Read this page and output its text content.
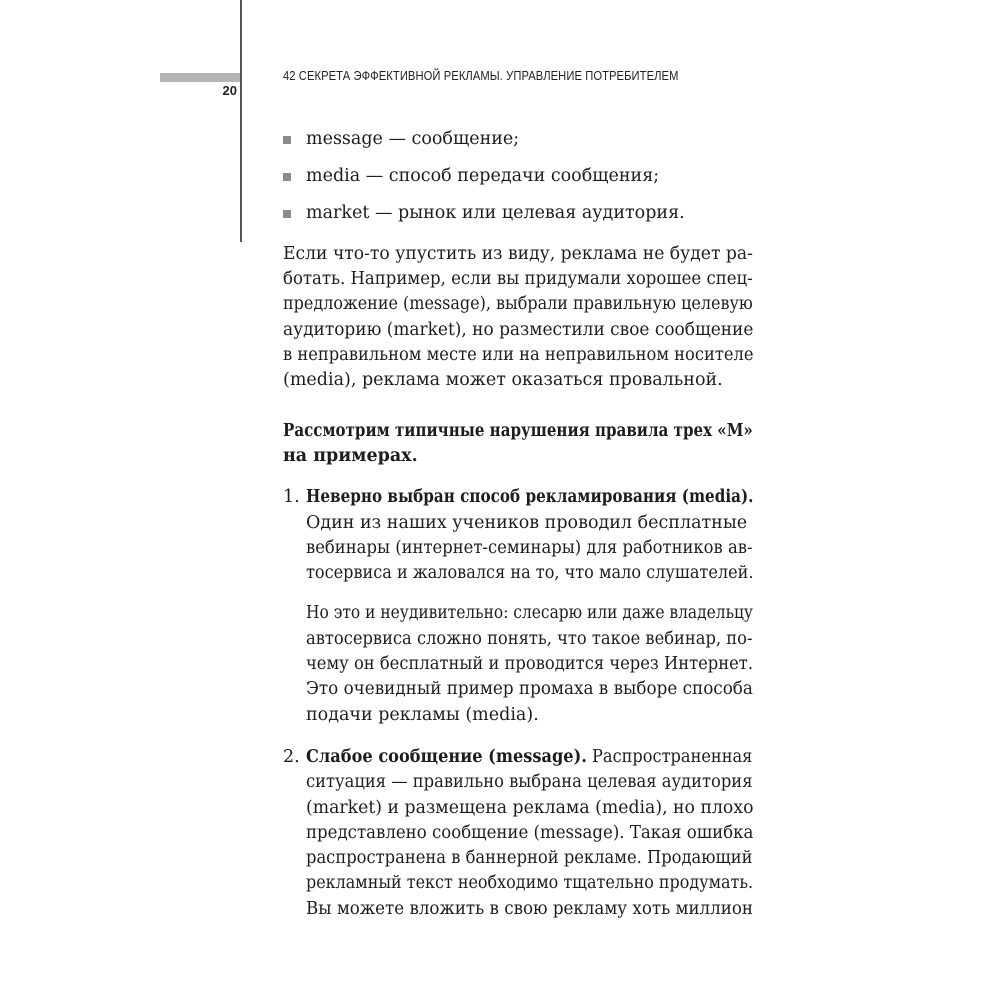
20
42 СЕКРЕТА ЭФФЕКТИВНОЙ РЕКЛАМЫ. УПРАВЛЕНИЕ ПОТРЕБИТЕЛЕМ
message — сообщение;
media — способ передачи сообщения;
market — рынок или целевая аудитория.
Если что-то упустить из виду, реклама не будет ра-
ботать. Например, если вы придумали хорошее спец-
предложение (message), выбрали правильную целевую
аудиторию (market), но разместили свое сообщение
в неправильном месте или на неправильном носителе
(media), реклама может оказаться провальной.
Рассмотрим типичные нарушения правила трех «М»
на примерах.
1. Неверно выбран способ рекламирования (media).
Один из наших учеников проводил бесплатные
вебинары (интернет-семинары) для работников ав-
тосервиса и жаловался на то, что мало слушателей.
Но это и неудивительно: слесарю или даже владельцу
автосервиса сложно понять, что такое вебинар, по-
чему он бесплатный и проводится через Интернет.
Это очевидный пример промаха в выборе способа
подачи рекламы (media).
2. Слабое сообщение (message). Распространенная
ситуация — правильно выбрана целевая аудитория
(market) и размещена реклама (media), но плохо
представлено сообщение (message). Такая ошибка
распространена в баннерной рекламе. Продающий
рекламный текст необходимо тщательно продумать.
Вы можете вложить в свою рекламу хоть миллион
